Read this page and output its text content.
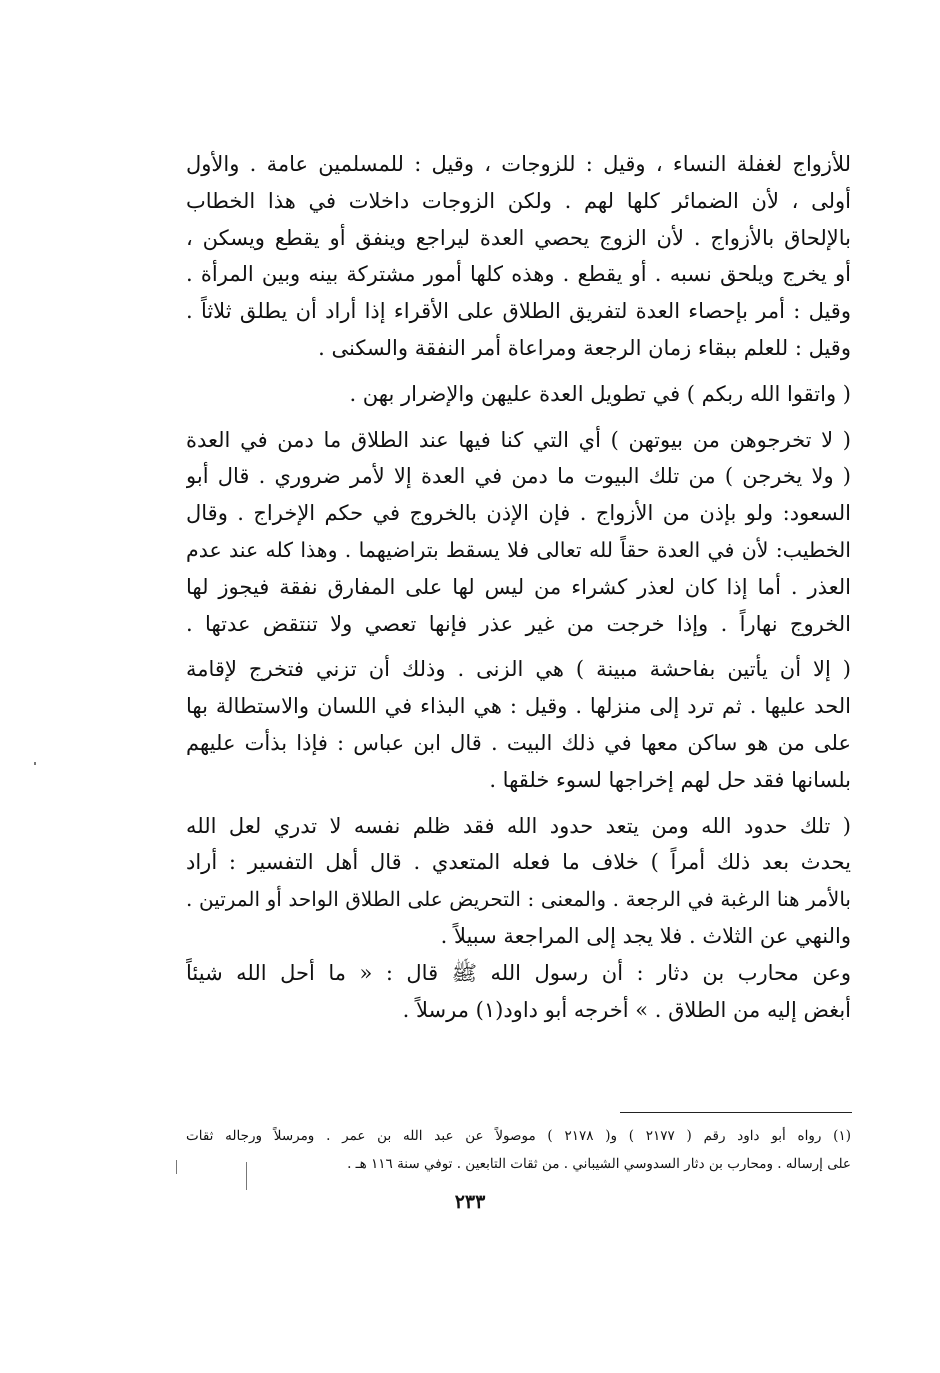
للأزواج لغفلة النساء ، وقيل : للزوجات ، وقيل : للمسلمين عامة . والأول
أولى ، لأن الضمائر كلها لهم . ولكن الزوجات داخلات في هذا الخطاب
بالإلحاق بالأزواج . لأن الزوج يحصي العدة ليراجع وينفق أو يقطع ويسكن ،
أو يخرج ويلحق نسبه . أو يقطع . وهذه كلها أمور مشتركة بينه وبين المرأة .
وقيل : أمر بإحصاء العدة لتفريق الطلاق على الأقراء إذا أراد أن يطلق ثلاثاً .
وقيل : للعلم ببقاء زمان الرجعة ومراعاة أمر النفقة والسكنى .
( واتقوا الله ربكم ) في تطويل العدة عليهن والإضرار بهن .
( لا تخرجوهن من بيوتهن ) أي التي كنا فيها عند الطلاق ما دمن في العدة
( ولا يخرجن ) من تلك البيوت ما دمن في العدة إلا لأمر ضروري . قال أبو
السعود: ولو بإذن من الأزواج . فإن الإذن بالخروج في حكم الإخراج . وقال
الخطيب: لأن في العدة حقاً لله تعالى فلا يسقط بتراضيهما . وهذا كله عند عدم
العذر . أما إذا كان لعذر كشراء من ليس لها على المفارق نفقة فيجوز لها
الخروج نهاراً . وإذا خرجت من غير عذر فإنها تعصي ولا تنتقض عدتها .
( إلا أن يأتين بفاحشة مبينة ) هي الزنى . وذلك أن تزني فتخرج لإقامة
الحد عليها . ثم ترد إلى منزلها . وقيل : هي البذاء في اللسان والاستطالة بها
على من هو ساكن معها في ذلك البيت . قال ابن عباس : فإذا بذأت عليهم
بلسانها فقد حل لهم إخراجها لسوء خلقها .
( تلك حدود الله ومن يتعد حدود الله فقد ظلم نفسه لا تدري لعل الله
يحدث بعد ذلك أمراً ) خلاف ما فعله المتعدي . قال أهل التفسير : أراد
بالأمر هنا الرغبة في الرجعة . والمعنى : التحريض على الطلاق الواحد أو المرتين .
والنهي عن الثلاث . فلا يجد إلى المراجعة سبيلاً .
وعن محارب بن دثار : أن رسول الله ﷺ قال : « ما أحل الله شيئاً
أبغض إليه من الطلاق . » أخرجه أبو داود(١) مرسلاً .
(١) رواه أبو داود رقم ( ٢١٧٧ ) و( ٢١٧٨ ) موصولاً عن عبد الله بن عمر . ومرسلاً ورجاله ثقات
على إرساله . ومحارب بن دثار السدوسي الشيباني . من ثقات التابعين . توفي سنة ١١٦ هـ .
٢٣٣
